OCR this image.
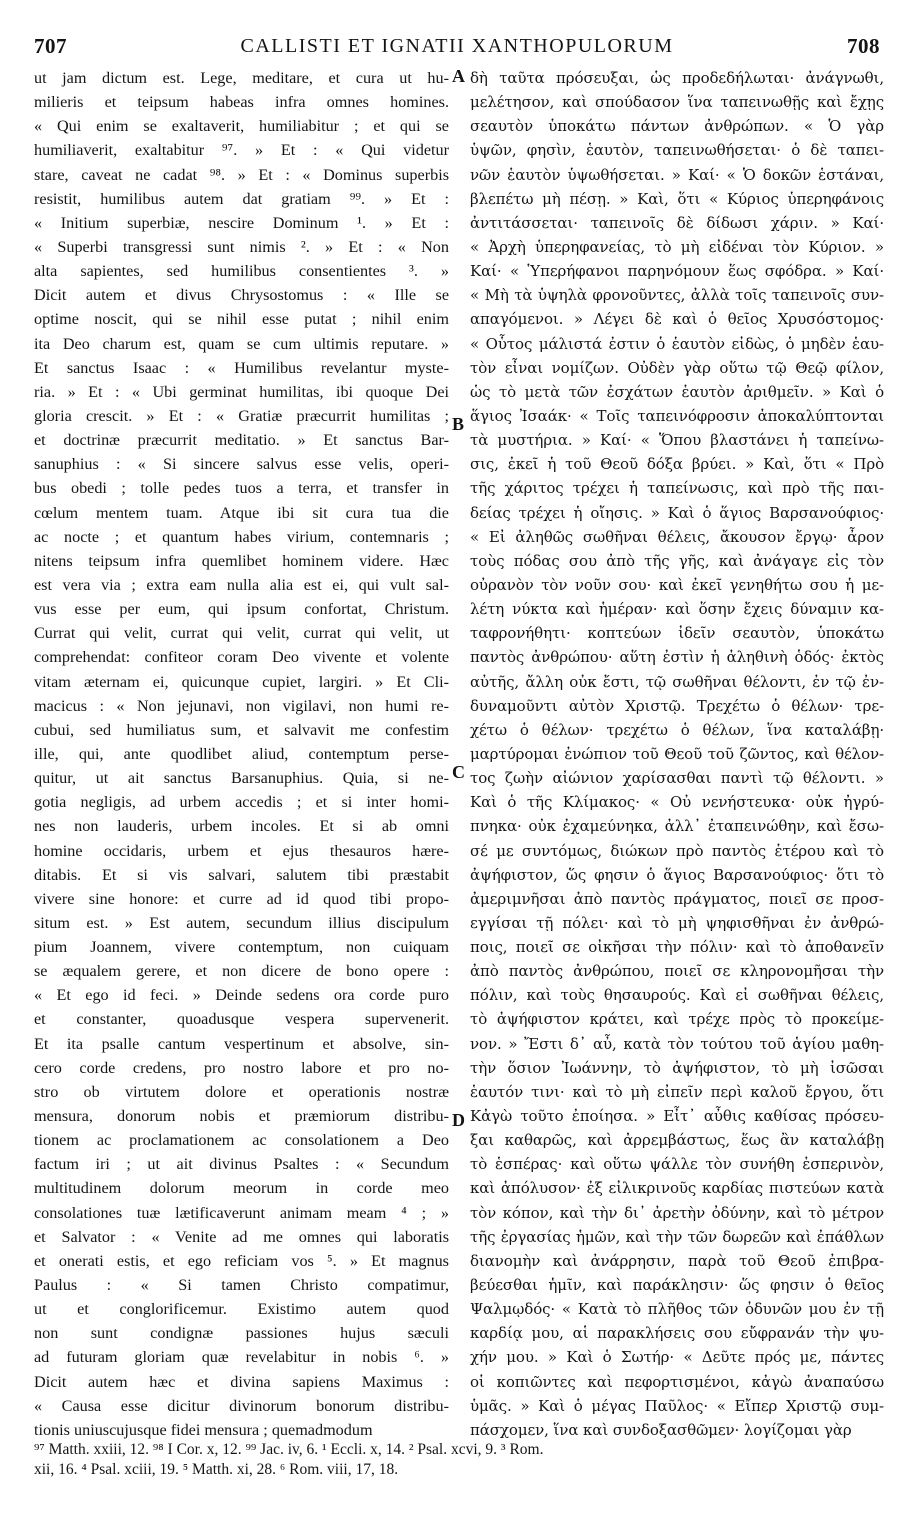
707	CALLISTI ET IGNATII XANTHOPULORUM	708
ut jam dictum est. Lege, meditare, et cura ut hu-
milieris et teipsum habeas infra omnes homines.
« Qui enim se exaltaverit, humiliabitur ; et qui se
humiliaverit, exaltabitur ⁹⁷. » Et : « Qui videtur
stare, caveat ne cadat ⁹⁸. » Et : « Dominus superbis
resistit, humilibus autem dat gratiam ⁹⁹. » Et :
« Initium superbiæ, nescire Dominum ¹. » Et :
« Superbi transgressi sunt nimis ². » Et : « Non
alta sapientes, sed humilibus consentientes ³. »
Dicit autem et divus Chrysostomus : « Ille se
optime noscit, qui se nihil esse putat ; nihil enim
ita Deo charum est, quam se cum ultimis reputare. »
Et sanctus Isaac : « Humilibus revelantur myste-
ria. » Et : « Ubi germinat humilitas, ibi quoque Dei
gloria crescit. » Et : « Gratiæ præcurrit humilitas ;
et doctrinæ præcurrit meditatio. » Et sanctus Bar-
sanuphius : « Si sincere salvus esse velis, operi-
bus obedi ; tolle pedes tuos a terra, et transfer in
cœlum mentem tuam. Atque ibi sit cura tua die
ac nocte ; et quantum habes virium, contemnaris ;
nitens teipsum infra quemlibet hominem videre. Hæc
est vera via ; extra eam nulla alia est ei, qui vult sal-
vus esse per eum, qui ipsum confortat, Christum.
Currat qui velit, currat qui velit, currat qui velit, ut
comprehendat: confiteor coram Deo vivente et volente
vitam æternam ei, quicunque cupiet, largiri. » Et Cli-
macicus : « Non jejunavi, non vigilavi, non humi re-
cubui, sed humiliatus sum, et salvavit me confestim
ille, qui, ante quodlibet aliud, contemptum perse-
quitur, ut ait sanctus Barsanuphius. Quia, si ne-
gotia negligis, ad urbem accedis ; et si inter homi-
nes non lauderis, urbem incoles. Et si ab omni
homine occidaris, urbem et ejus thesauros hære-
ditabis. Et si vis salvari, salutem tibi præstabit
vivere sine honore: et curre ad id quod tibi propo-
situm est. » Est autem, secundum illius discipulum
pium Joannem, vivere contemptum, non cuiquam
se æqualem gerere, et non dicere de bono opere :
« Et ego id feci. » Deinde sedens ora corde puro
et constanter, quoadusque vespera supervenerit.
Et ita psalle cantum vespertinum et absolve, sin-
cero corde credens, pro nostro labore et pro no-
stro ob virtutem dolore et operationis nostræ
mensura, donorum nobis et præmiorum distribu-
tionem ac proclamationem ac consolationem a Deo
factum iri ; ut ait divinus Psaltes : « Secundum
multitudinem dolorum meorum in corde meo
consolationes tuæ lætificaverunt animam meam ⁴ ; »
et Salvator : « Venite ad me omnes qui laboratis
et onerati estis, et ego reficiam vos ⁵. » Et magnus
Paulus : « Si tamen Christo compatimur,
ut et conglorificemur. Existimo autem quod
non sunt condignæ passiones hujus sæculi
ad futuram gloriam quæ revelabitur in nobis ⁶. »
Dicit autem hæc et divina sapiens Maximus :
« Causa esse dicitur divinorum bonorum distribu-
tionis uniuscujusque fidei mensura ; quemadmodum
A
B
C
D
δὴ ταῦτα πρόσευξαι, ὡς προδεδήλωται· ἀνάγνωθι,
μελέτησον, καὶ σπούδασον ἵνα ταπεινωθῇς καὶ ἔχῃς
σεαυτὸν ὑποκάτω πάντων ἀνθρώπων. « Ὁ γὰρ
ὑψῶν, φησὶν, ἑαυτὸν, ταπεινωθήσεται· ὁ δὲ ταπει-
νῶν ἑαυτὸν ὑψωθήσεται. » Καί· « Ὁ δοκῶν ἑστάναι,
βλεπέτω μὴ πέσῃ. » Καὶ, ὅτι « Κύριος ὑπερηφάνοις
ἀντιτάσσεται· ταπεινοῖς δὲ δίδωσι χάριν. » Καί·
« Ἀρχὴ ὑπερηφανείας, τὸ μὴ εἰδέναι τὸν Κύριον. »
Καί· « Ὑπερήφανοι παρηνόμουν ἕως σφόδρα. » Καί·
« Μὴ τὰ ὑψηλὰ φρονοῦντες, ἀλλὰ τοῖς ταπεινοῖς συν-
απαγόμενοι. » Λέγει δὲ καὶ ὁ θεῖος Χρυσόστομος·
« Οὗτος μάλιστά ἐστιν ὁ ἑαυτὸν εἰδὼς, ὁ μηδὲν ἑαυ-
τὸν εἶναι νομίζων. Οὐδὲν γὰρ οὕτω τῷ Θεῷ φίλον,
ὡς τὸ μετὰ τῶν ἐσχάτων ἑαυτὸν ἀριθμεῖν. » Καὶ ὁ
ἅγιος Ἰσαάκ· « Τοῖς ταπεινόφροσιν ἀποκαλύπτονται
τὰ μυστήρια. » Καί· « Ὅπου βλαστάνει ἡ ταπείνω-
σις, ἐκεῖ ἡ τοῦ Θεοῦ δόξα βρύει. » Καὶ, ὅτι « Πρὸ
τῆς χάριτος τρέχει ἡ ταπείνωσις, καὶ πρὸ τῆς παι-
δείας τρέχει ἡ οἴησις. » Καὶ ὁ ἅγιος Βαρσανούφιος·
« Εἰ ἀληθῶς σωθῆναι θέλεις, ἄκουσον ἔργῳ· ἆρον
τοὺς πόδας σου ἀπὸ τῆς γῆς, καὶ ἀνάγαγε εἰς τὸν
οὐρανὸν τὸν νοῦν σου· καὶ ἐκεῖ γενηθήτω σου ἡ με-
λέτη νύκτα καὶ ἡμέραν· καὶ ὅσην ἔχεις δύναμιν κα-
ταφρονήθητι· κοπτεύων ἰδεῖν σεαυτὸν, ὑποκάτω
παντὸς ἀνθρώπου· αὕτη ἐστὶν ἡ ἀληθινὴ ὁδός· ἐκτὸς
αὐτῆς, ἄλλη οὐκ ἔστι, τῷ σωθῆναι θέλοντι, ἐν τῷ ἐν-
δυναμοῦντι αὐτὸν Χριστῷ. Τρεχέτω ὁ θέλων· τρε-
χέτω ὁ θέλων· τρεχέτω ὁ θέλων, ἵνα καταλάβῃ·
μαρτύρομαι ἐνώπιον τοῦ Θεοῦ τοῦ ζῶντος, καὶ θέλον-
τος ζωὴν αἰώνιον χαρίσασθαι παντὶ τῷ θέλοντι. »
Καὶ ὁ τῆς Κλίμακος· « Οὐ νενήστευκα· οὐκ ἠγρύ-
πνηκα· οὐκ ἐχαμεύνηκα, ἀλλ᾽ ἐταπεινώθην, καὶ ἔσω-
σέ με συντόμως, διώκων πρὸ παντὸς ἑτέρου καὶ τὸ
ἀψήφιστον, ὥς φησιν ὁ ἅγιος Βαρσανούφιος· ὅτι τὸ
ἀμεριμνῆσαι ἀπὸ παντὸς πράγματος, ποιεῖ σε προσ-
εγγίσαι τῇ πόλει· καὶ τὸ μὴ ψηφισθῆναι ἐν ἀνθρώ-
ποις, ποιεῖ σε οἰκῆσαι τὴν πόλιν· καὶ τὸ ἀποθανεῖν
ἀπὸ παντὸς ἀνθρώπου, ποιεῖ σε κληρονομῆσαι τὴν
πόλιν, καὶ τοὺς θησαυρούς. Καὶ εἰ σωθῆναι θέλεις,
τὸ ἀψήφιστον κράτει, καὶ τρέχε πρὸς τὸ προκείμε-
νον. » Ἔστι δ᾽ αὖ, κατὰ τὸν τούτου τοῦ ἁγίου μαθη-
τὴν ὅσιον Ἰωάννην, τὸ ἀψήφιστον, τὸ μὴ ἰσῶσαι
ἑαυτόν τινι· καὶ τὸ μὴ εἰπεῖν περὶ καλοῦ ἔργου, ὅτι
Κἀγὼ τοῦτο ἐποίησα. » Εἶτ᾽ αὖθις καθίσας πρόσευ-
ξαι καθαρῶς, καὶ ἀρρεμβάστως, ἕως ἂν καταλάβῃ
τὸ ἑσπέρας· καὶ οὕτω ψάλλε τὸν συνήθη ἑσπερινὸν,
καὶ ἀπόλυσον· ἐξ εἰλικρινοῦς καρδίας πιστεύων κατὰ
τὸν κόπον, καὶ τὴν δι᾽ ἀρετὴν ὀδύνην, καὶ τὸ μέτρον
τῆς ἐργασίας ἡμῶν, καὶ τὴν τῶν δωρεῶν καὶ ἐπάθλων
διανομὴν καὶ ἀνάρρησιν, παρὰ τοῦ Θεοῦ ἐπιβρα-
βεύεσθαι ἡμῖν, καὶ παράκλησιν· ὥς φησιν ὁ θεῖος
Ψαλμῳδός· « Κατὰ τὸ πλῆθος τῶν ὀδυνῶν μου ἐν τῇ
καρδίᾳ μου, αἱ παρακλήσεις σου εὔφρανάν τὴν ψυ-
χήν μου. » Καὶ ὁ Σωτήρ· « Δεῦτε πρός με, πάντες
οἱ κοπιῶντες καὶ πεφορτισμένοι, κἀγὼ ἀναπαύσω
ὑμᾶς. » Καὶ ὁ μέγας Παῦλος· « Εἴπερ Χριστῷ συμ-
πάσχομεν, ἵνα καὶ συνδοξασθῶμεν· λογίζομαι γὰρ
⁹⁷ Matth. xxiii, 12. ⁹⁸ I Cor. x, 12. ⁹⁹ Jac. iv, 6. ¹ Eccli. x, 14. ² Psal. xcvi, 9. ³ Rom.
xii, 16. ⁴ Psal. xciii, 19. ⁵ Matth. xi, 28. ⁶ Rom. viii, 17, 18.
